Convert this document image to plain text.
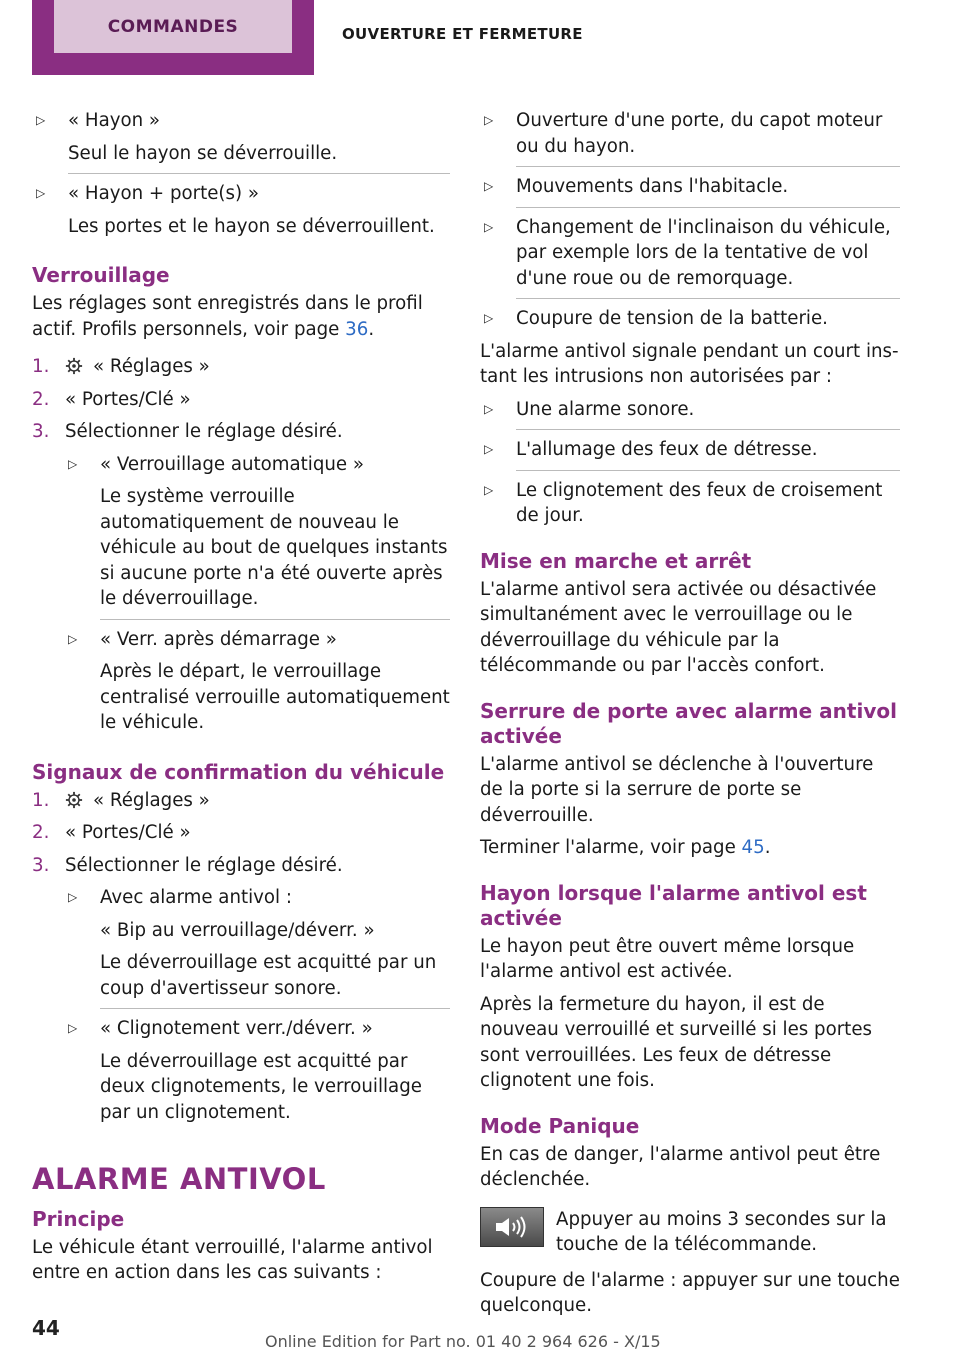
COMMANDES	OUVERTURE ET FERMETURE
▷ « Hayon »
Seul le hayon se déverrouille.
▷ « Hayon + porte(s) »
Les portes et le hayon se déverrouillent.
Verrouillage

Les réglages sont enregistrés dans le profil actif. Profils personnels, voir page 36.

1. « Réglages »
2. « Portes/Clé »
3. Sélectionner le réglage désiré.
▷ « Verrouillage automatique »
Le système verrouille automatiquement de nouveau le véhicule au bout de quelques instants si aucune porte n'a été ouverte après le déverrouillage.
▷ « Verr. après démarrage »
Après le départ, le verrouillage centralisé verrouille automatiquement le véhicule.
Signaux de confirmation du véhicule
1. « Réglages »
2. « Portes/Clé »
3. Sélectionner le réglage désiré.
▷ Avec alarme antivol :
« Bip au verrouillage/déverr. »
Le déverrouillage est acquitté par un coup d'avertisseur sonore.
▷ « Clignotement verr./déverr. »
Le déverrouillage est acquitté par deux clignotements, le verrouillage par un clignotement.
ALARME ANTIVOL
Principe

Le véhicule étant verrouillé, l'alarme antivol entre en action dans les cas suivants :

▷ Ouverture d'une porte, du capot moteur ou du hayon.
▷ Mouvements dans l'habitacle.
▷ Changement de l'inclinaison du véhicule, par exemple lors de la tentative de vol d'une roue ou de remorquage.
▷ Coupure de tension de la batterie.

L'alarme antivol signale pendant un court instant les intrusions non autorisées par :

▷ Une alarme sonore.
▷ L'allumage des feux de détresse.
▷ Le clignotement des feux de croisement de jour.
Mise en marche et arrêt

L'alarme antivol sera activée ou désactivée simultanément avec le verrouillage ou le déverrouillage du véhicule par la télécommande ou par l'accès confort.

Serrure de porte avec alarme antivol activée

L'alarme antivol se déclenche à l'ouverture de la porte si la serrure de porte se déverrouille.

Terminer l'alarme, voir page 45.

Hayon lorsque l'alarme antivol est activée

Le hayon peut être ouvert même lorsque l'alarme antivol est activée.

Après la fermeture du hayon, il est de nouveau verrouillé et surveillé si les portes sont verrouillées. Les feux de détresse clignotent une fois.

Mode Panique

En cas de danger, l'alarme antivol peut être déclenchée.

Appuyer au moins 3 secondes sur la touche de la télécommande.

Coupure de l'alarme : appuyer sur une touche quelconque.

44
Online Edition for Part no. 01 40 2 964 626 - X/15
